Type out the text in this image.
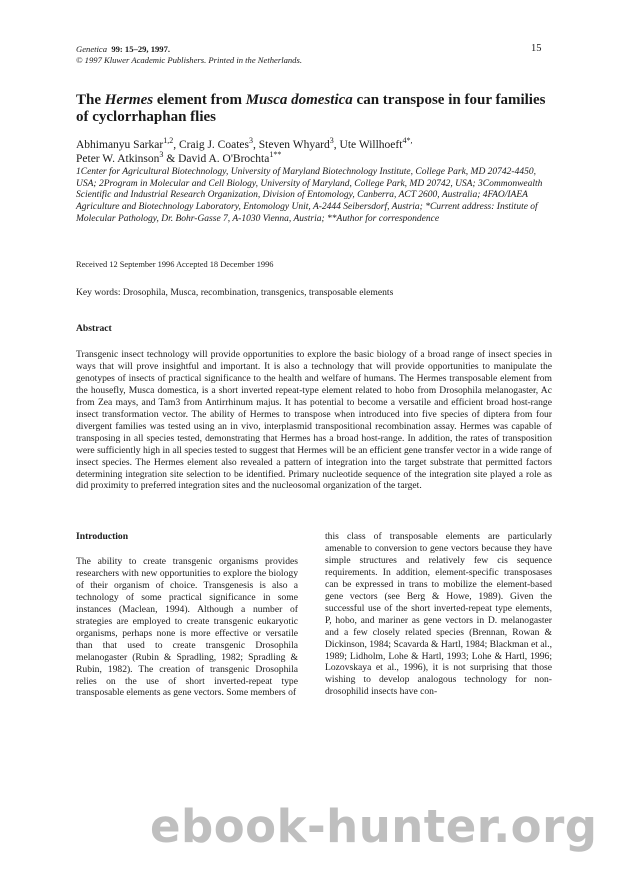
Genetica 99: 15–29, 1997.
© 1997 Kluwer Academic Publishers. Printed in the Netherlands.
15
The Hermes element from Musca domestica can transpose in four families of cyclorrhaphan flies
Abhimanyu Sarkar$^{1,2}$, Craig J. Coates$^3$, Steven Whyard$^3$, Ute Willhoeft$^{4*,}$
Peter W. Atkinson$^3$ & David A. O'Brochta$^{1**}$
1Center for Agricultural Biotechnology, University of Maryland Biotechnology Institute, College Park, MD 20742-4450, USA; 2Program in Molecular and Cell Biology, University of Maryland, College Park, MD 20742, USA; 3Commonwealth Scientific and Industrial Research Organization, Division of Entomology, Canberra, ACT 2600, Australia; 4FAO/IAEA Agriculture and Biotechnology Laboratory, Entomology Unit, A-2444 Seibersdorf, Austria; *Current address: Institute of Molecular Pathology, Dr. Bohr-Gasse 7, A-1030 Vienna, Austria; **Author for correspondence
Received 12 September 1996 Accepted 18 December 1996
Key words: Drosophila, Musca, recombination, transgenics, transposable elements
Abstract
Transgenic insect technology will provide opportunities to explore the basic biology of a broad range of insect species in ways that will prove insightful and important. It is also a technology that will provide opportunities to manipulate the genotypes of insects of practical significance to the health and welfare of humans. The Hermes transposable element from the housefly, Musca domestica, is a short inverted repeat-type element related to hobo from Drosophila melanogaster, Ac from Zea mays, and Tam3 from Antirrhinum majus. It has potential to become a versatile and efficient broad host-range insect transformation vector. The ability of Hermes to transpose when introduced into five species of diptera from four divergent families was tested using an in vivo, interplasmid transpositional recombination assay. Hermes was capable of transposing in all species tested, demonstrating that Hermes has a broad host-range. In addition, the rates of transposition were sufficiently high in all species tested to suggest that Hermes will be an efficient gene transfer vector in a wide range of insect species. The Hermes element also revealed a pattern of integration into the target substrate that permitted factors determining integration site selection to be identified. Primary nucleotide sequence of the integration site played a role as did proximity to preferred integration sites and the nucleosomal organization of the target.
Introduction
The ability to create transgenic organisms provides researchers with new opportunities to explore the biology of their organism of choice. Transgenesis is also a technology of some practical significance in some instances (Maclean, 1994). Although a number of strategies are employed to create transgenic eukaryotic organisms, perhaps none is more effective or versatile than that used to create transgenic Drosophila melanogaster (Rubin & Spradling, 1982; Spradling & Rubin, 1982). The creation of transgenic Drosophila relies on the use of short inverted-repeat type transposable elements as gene vectors. Some members of
this class of transposable elements are particularly amenable to conversion to gene vectors because they have simple structures and relatively few cis sequence requirements. In addition, element-specific transposases can be expressed in trans to mobilize the element-based gene vectors (see Berg & Howe, 1989). Given the successful use of the short inverted-repeat type elements, P, hobo, and mariner as gene vectors in D. melanogaster and a few closely related species (Brennan, Rowan & Dickinson, 1984; Scavarda & Hartl, 1984; Blackman et al., 1989; Lidholm, Lohe & Hartl, 1993; Lohe & Hartl, 1996; Lozovskaya et al., 1996), it is not surprising that those wishing to develop analogous technology for non-drosophilid insects have con-
ebook-hunter.org
